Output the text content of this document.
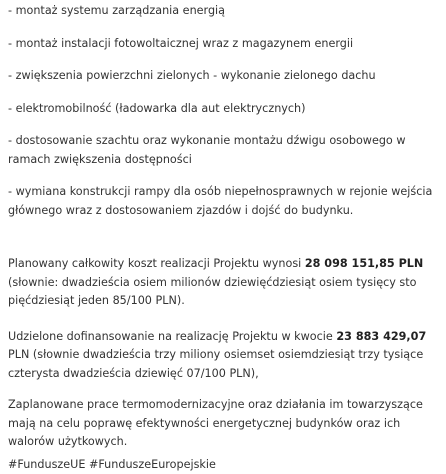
- montaż systemu zarządzania energią
- montaż instalacji fotowoltaicznej wraz z magazynem energii
- zwiększenia powierzchni zielonych - wykonanie zielonego dachu
- elektromobilność (ładowarka dla aut elektrycznych)
- dostosowanie szachtu oraz wykonanie montażu dźwigu osobowego w ramach zwiększenia dostępności
- wymiana konstrukcji rampy dla osób niepełnosprawnych w rejonie wejścia głównego wraz z dostosowaniem zjazdów i dojść do budynku.

Planowany całkowity koszt realizacji Projektu wynosi 28 098 151,85 PLN (słownie: dwadzieścia osiem milionów dziewięćdziesiąt osiem tysięcy sto pięćdziesiąt jeden 85/100 PLN).

Udzielone dofinansowanie na realizację Projektu w kwocie 23 883 429,07 PLN (słownie dwadzieścia trzy miliony osiemset osiemdziesiąt trzy tysiące czterysta dwadzieścia dziewięć 07/100 PLN),

Zaplanowane prace termomodernizacyjne oraz działania im towarzyszące mają na celu poprawę efektywności energetycznej budynków oraz ich walorów użytkowych.

#FunduszeUE #FunduszeEuropejskie
